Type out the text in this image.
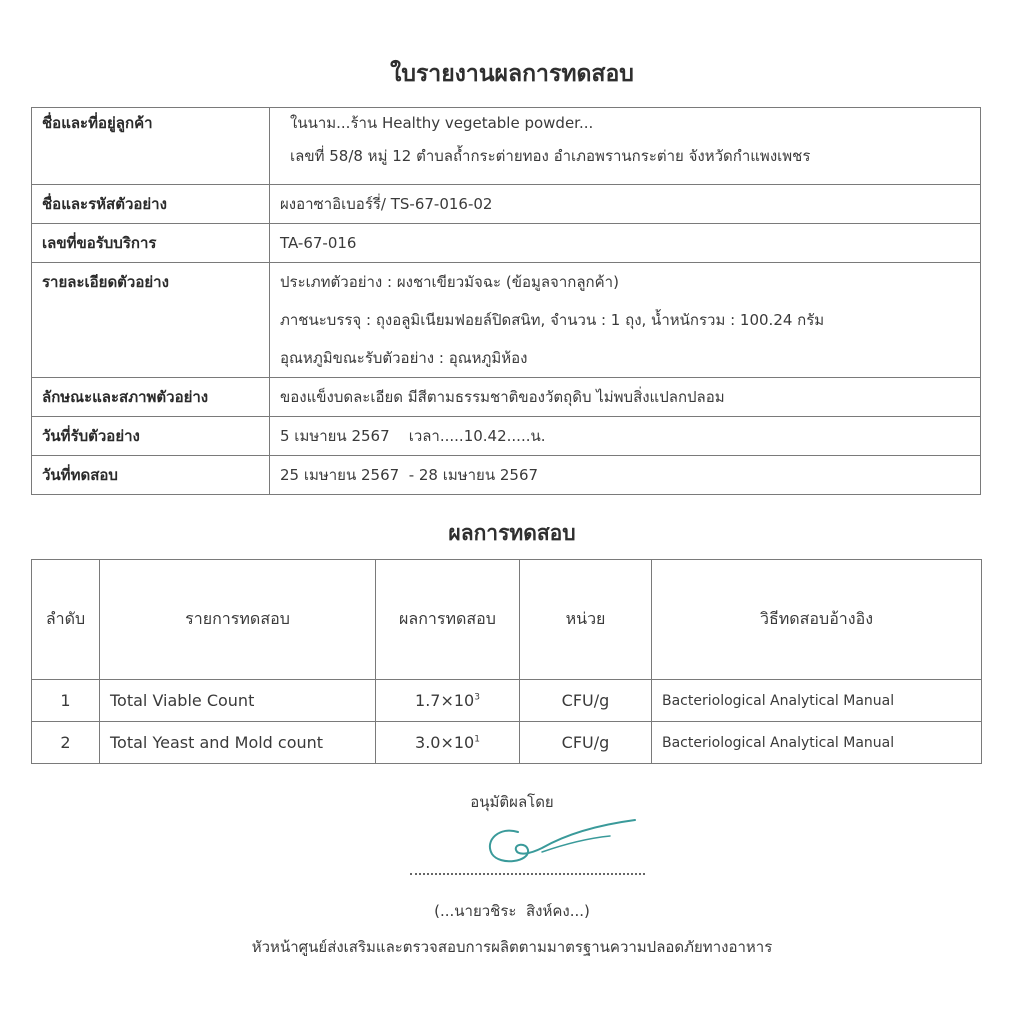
ใบรายงานผลการทดสอบ
ชื่อและที่อยู่ลูกค้า	ในนาม...ร้าน Healthy vegetable powder...
เลขที่ 58/8 หมู่ 12 ตำบลถ้ำกระต่ายทอง อำเภอพรานกระต่าย จังหวัดกำแพงเพชร

ชื่อและรหัสตัวอย่าง	ผงอาซาอิเบอร์รี่/ TS-67-016-02

เลขที่ขอรับบริการ	TA-67-016

รายละเอียดตัวอย่าง	ประเภทตัวอย่าง : ผงชาเขียวมัจฉะ (ข้อมูลจากลูกค้า)
ภาชนะบรรจุ : ถุงอลูมิเนียมฟอยล์ปิดสนิท, จำนวน : 1 ถุง, น้ำหนักรวม : 100.24 กรัม
อุณหภูมิขณะรับตัวอย่าง : อุณหภูมิห้อง

ลักษณะและสภาพตัวอย่าง	ของแข็งบดละเอียด มีสีตามธรรมชาติของวัตถุดิบ ไม่พบสิ่งแปลกปลอม

วันที่รับตัวอย่าง	5 เมษายน 2567    เวลา.....10.42.....น.

วันที่ทดสอบ	25 เมษายน 2567  - 28 เมษายน 2567
ผลการทดสอบ
ลำดับ	รายการทดสอบ	ผลการทดสอบ	หน่วย	วิธีทดสอบอ้างอิง
1	Total Viable Count	$1.7\times 10^3$	CFU/g	Bacteriological Analytical Manual
2	Total Yeast and Mold count	$3.0\times 10^1$	CFU/g	Bacteriological Analytical Manual
อนุมัติผลโดย
(...นายวชิระ  สิงห์คง...)
หัวหน้าศูนย์ส่งเสริมและตรวจสอบการผลิตตามมาตรฐานความปลอดภัยทางอาหาร
